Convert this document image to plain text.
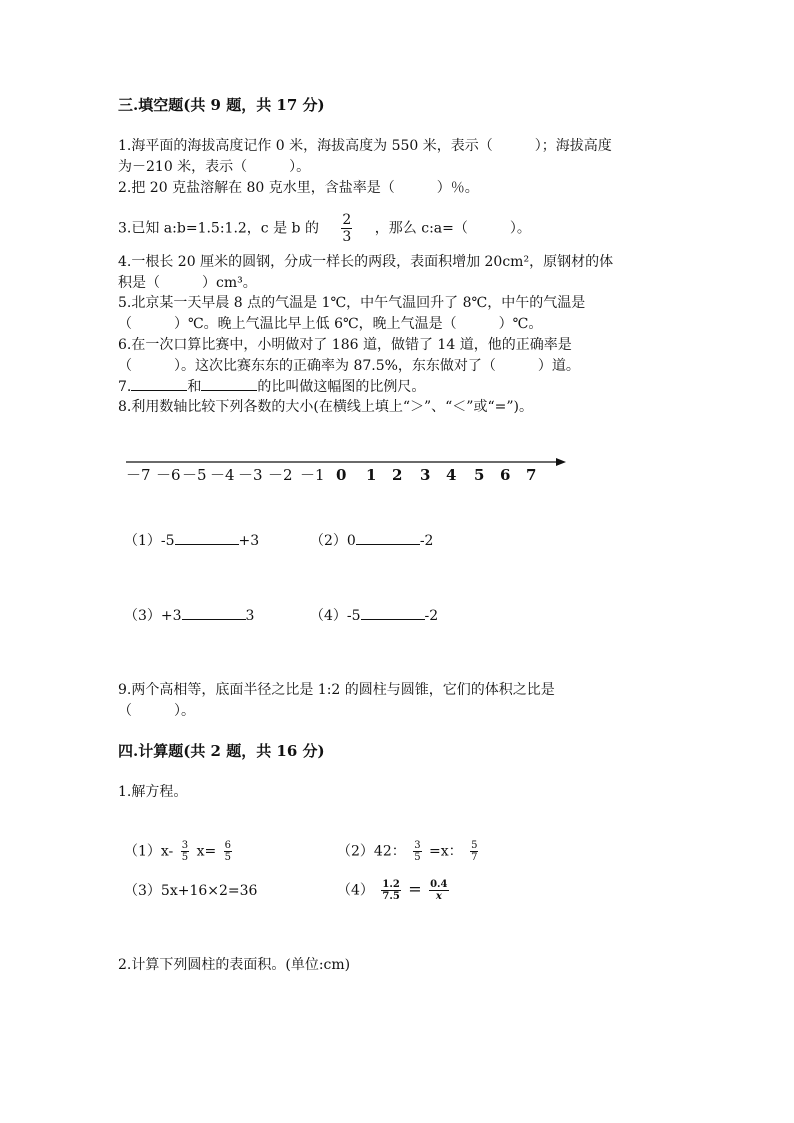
三.填空题(共 9 题，共 17 分)
1.海平面的海拔高度记作 0 米，海拔高度为 550 米，表示（　　　）；海拔高度
为－210 米，表示（　　　）。
2.把 20 克盐溶解在 80 克水里，含盐率是（　　　）％。
3.已知 a:b=1.5:1.2，c 是 b 的 $\frac{2}{3}$ ，那么 c:a=（　　　）。
4.一根长 20 厘米的圆钢，分成一样长的两段，表面积增加 20cm²，原钢材的体
积是（　　　）cm³。
5.北京某一天早晨 8 点的气温是 1℃，中午气温回升了 8℃，中午的气温是
（　　　）℃。晚上气温比早上低 6℃，晚上气温是（　　　）℃。
6.在一次口算比赛中，小明做对了 186 道，做错了 14 道，他的正确率是
（　　　）。这次比赛东东的正确率为 87.5%，东东做对了（　　　）道。
7.	和	的比叫做这幅图的比例尺。
8.利用数轴比较下列各数的大小(在横线上填上“＞”、“＜”或“=”)。
－7 －6 －5 －4 －3 －2 －1 0 1 2 3 4 5 6 7
（1）-5	+3	（2）0	-2
（3）+3	3	（4）-5	-2
9.两个高相等，底面半径之比是 1:2 的圆柱与圆锥，它们的体积之比是
（　　　）。
四.计算题(共 2 题，共 16 分)
1.解方程。
$(1)x- \frac{3}{5} x= \frac{6}{5}$	（2）42： $\frac{3}{5} =x$： $\frac{5}{7}$
（3）5x+16×2=36	$(4) \frac{1.2}{7.5} = \frac{0.4}{x}$
2.计算下列圆柱的表面积。(单位:cm)
